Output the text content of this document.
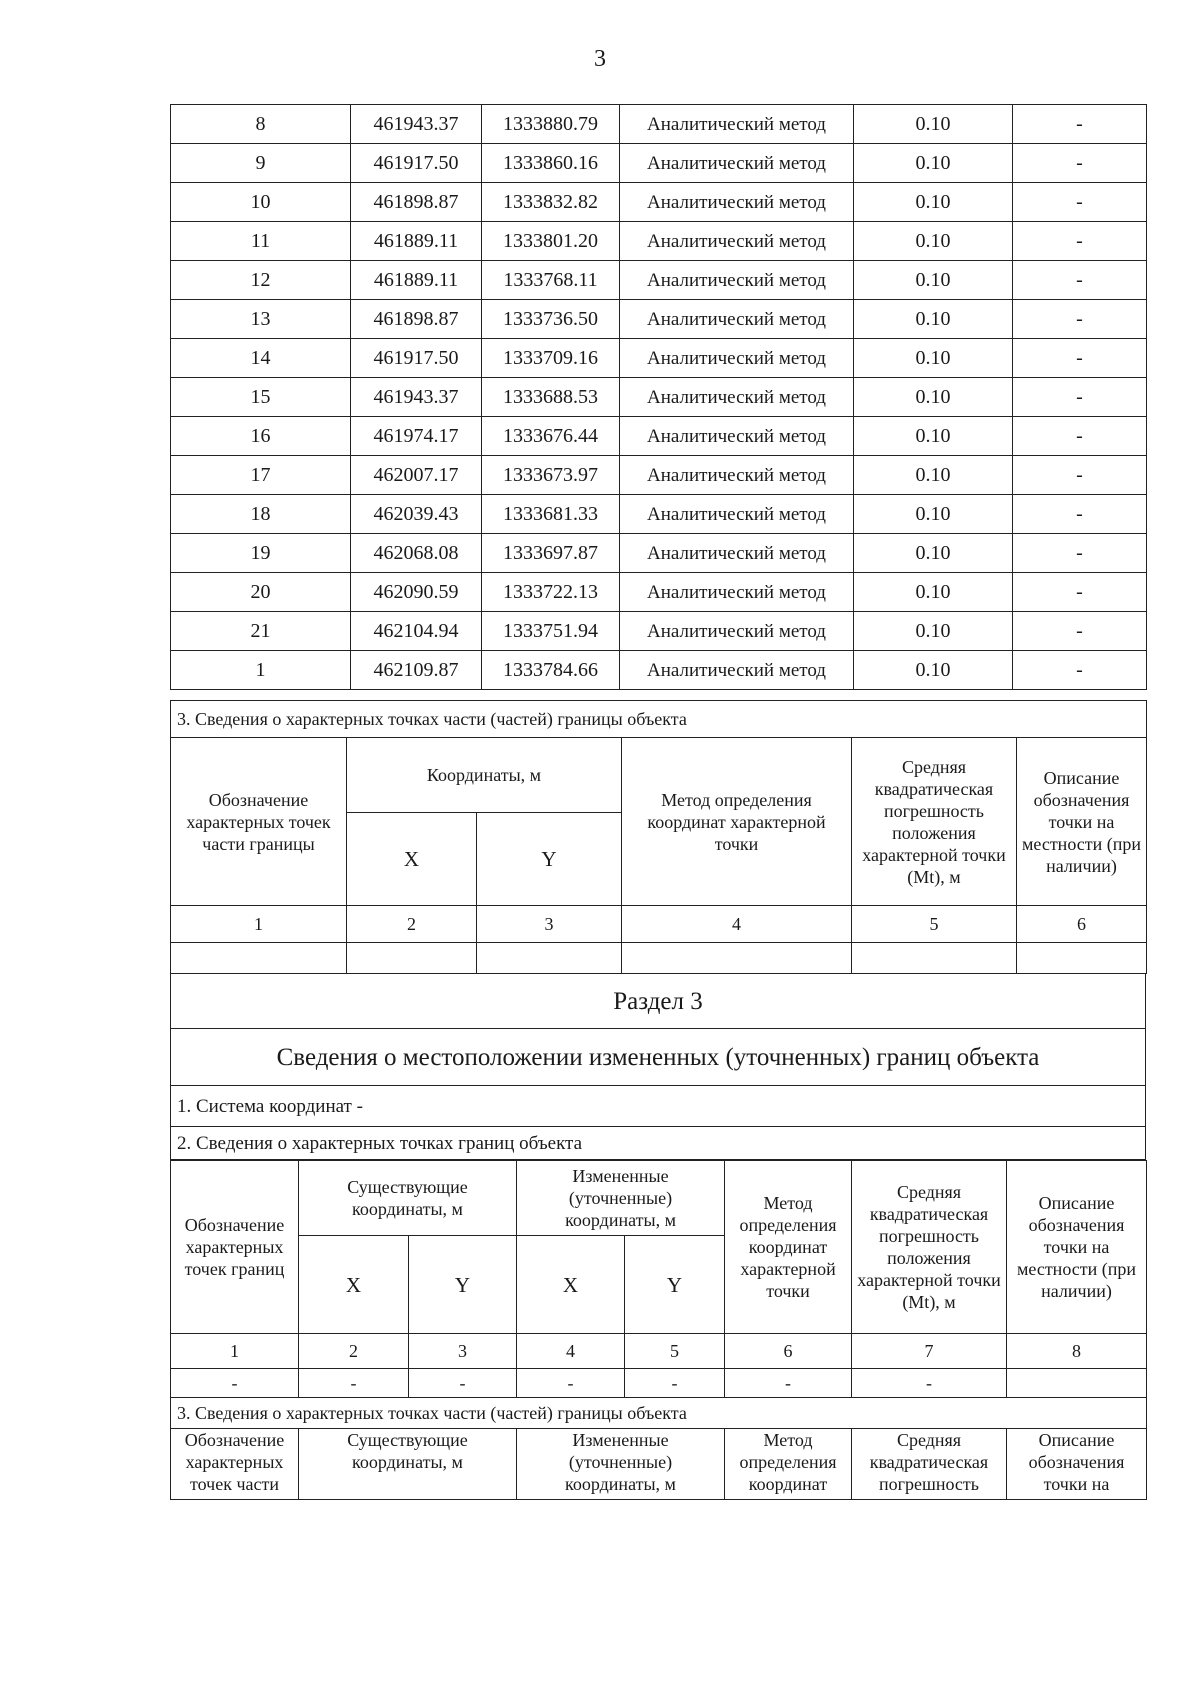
3
8	461943.37	1333880.79	Аналитический метод	0.10	-
9	461917.50	1333860.16	Аналитический метод	0.10	-
10	461898.87	1333832.82	Аналитический метод	0.10	-
11	461889.11	1333801.20	Аналитический метод	0.10	-
12	461889.11	1333768.11	Аналитический метод	0.10	-
13	461898.87	1333736.50	Аналитический метод	0.10	-
14	461917.50	1333709.16	Аналитический метод	0.10	-
15	461943.37	1333688.53	Аналитический метод	0.10	-
16	461974.17	1333676.44	Аналитический метод	0.10	-
17	462007.17	1333673.97	Аналитический метод	0.10	-
18	462039.43	1333681.33	Аналитический метод	0.10	-
19	462068.08	1333697.87	Аналитический метод	0.10	-
20	462090.59	1333722.13	Аналитический метод	0.10	-
21	462104.94	1333751.94	Аналитический метод	0.10	-
1	462109.87	1333784.66	Аналитический метод	0.10	-
3. Сведения о характерных точках части (частей) границы объекта					
Обозначение характерных точек части границы	Координаты, м		Метод определения координат характерной точки	Средняя квадратическая погрешность положения характерной точки (Mt), м	Описание обозначения точки на местности (при наличии)
	X	Y			
1	2	3	4	5	6

Раздел 3
Сведения о местоположении измененных (уточненных) границ объекта
1. Система координат -
2. Сведения о характерных точках границ объекта
Обозначение характерных точек границ	Существующие координаты, м		Измененные (уточненные) координаты, м		Метод определения координат характерной точки	Средняя квадратическая погрешность положения характерной точки (Mt), м	Описание обозначения точки на местности (при наличии)
	X	Y	X	Y			
1	2	3	4	5	6	7	8
-	-	-	-	-	-	-	
3. Сведения о характерных точках части (частей) границы объекта
Обозначение характерных точек части	Существующие координаты, м	Измененные (уточненные) координаты, м	Метод определения координат	Средняя квадратическая погрешность	Описание обозначения точки на
